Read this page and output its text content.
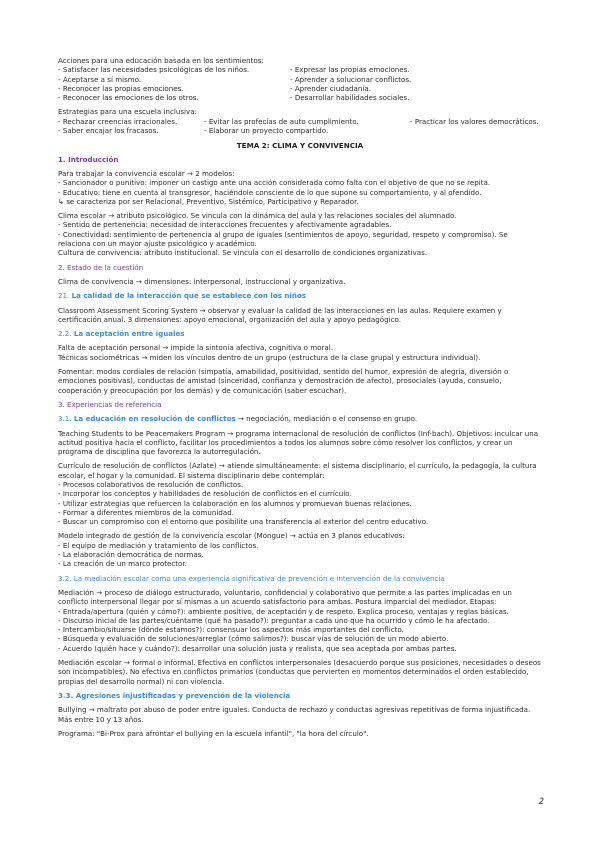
Acciones para una educación basada en los sentimientos:

- Satisfacer las necesidades psicológicas de los niños.

- Aceptarse a sí mismo.

- Reconocer las propias emociones.

- Reconocer las emociones de los otros.

- Expresar las propias emociones.

- Aprender a solucionar conflictos.

- Aprender ciudadanía.

- Desarrollar habilidades sociales.

Estrategias para una escuela inclusiva:

- Rechazar creencias irracionales.

- Saber encajar los fracasos.

- Evitar las profecías de auto cumplimiento.

- Elaborar un proyecto compartido.

- Practicar los valores democráticos.

TEMA 2: CLIMA Y CONVIVENCIA

1. Introducción

Para trabajar la convivencia escolar → 2 modelos:

- Sancionador o punitivo: imponer un castigo ante una acción considerada como falta con el objetivo de que no se repita.

- Educativo: tiene en cuenta al transgresor, haciéndole consciente de lo que supone su comportamiento, y al ofendido.

↳ se caracteriza por ser Relacional, Preventivo, Sistémico, Participativo y Reparador.

Clima escolar → atributo psicológico. Se vincula con la dinámica del aula y las relaciones sociales del alumnado.

- Sentido de pertenencia: necesidad de interacciones frecuentes y afectivamente agradables.

- Conectividad: sentimiento de pertenencia al grupo de iguales (sentimientos de apoyo, seguridad, respeto y compromiso). Se relaciona con un mayor ajuste psicológico y académico.

Cultura de convivencia: atributo institucional. Se vincula con el desarrollo de condiciones organizativas.

2. Estado de la cuestión

Clima de convivencia → dimensiones: interpersonal, instruccional y organizativa.

21. La calidad de la interacción que se establece con los niños

Classroom Assessment Scoring System → observar y evaluar la calidad de las interacciones en las aulas. Requiere examen y certificación anual. 3 dimensiones: apoyo emocional, organización del aula y apoyo pedagógico.

2.2. La aceptación entre iguales

Falta de aceptación personal → impide la sintonía afectiva, cognitiva o moral.

Técnicas sociométricas → miden los vínculos dentro de un grupo (estructura de la clase grupal y estructura individual).

Fomentar: modos cordiales de relación (simpatía, amabilidad, positividad, sentido del humor, expresión de alegría, diversión o emociones positivas), conductas de amistad (sinceridad, confianza y demostración de afecto), prosociales (ayuda, consuelo, cooperación y preocupación por los demás) y de comunicación (saber escuchar).

3. Experiencias de referencia

3.1. La educación en resolución de conflictos → negociación, mediación o el consenso en grupo.

Teaching Students to be Peacemakers Program → programa internacional de resolución de conflictos (Inf-bach). Objetivos: inculcar una actitud positiva hacia el conflicto, facilitar los procedimientos a todos los alumnos sobre cómo resolver los conflictos, y crear un programa de disciplina que favorezca la autorregulación.

Currículo de resolución de conflictos (Azlate) → atiende simultáneamente: el sistema disciplinario, el currículo, la pedagogía, la cultura escolar, el hogar y la comunidad. El sistema disciplinario debe contemplar:

- Procesos colaborativos de resolución de conflictos.

- Incorporar los conceptos y habilidades de resolución de conflictos en el currículo.

- Utilizar estrategias que refuercen la colaboración en los alumnos y promuevan buenas relaciones.

- Formar a diferentes miembros de la comunidad.

- Buscar un compromiso con el entorno que posibilite una transferencia al exterior del centro educativo.

Modelo integrado de gestión de la convivencia escolar (Mongue) → actúa en 3 planos educativos:

- El equipo de mediación y tratamiento de los conflictos.

- La elaboración democrática de normas.

- La creación de un marco protector.

3.2. La mediación escolar como una experiencia significativa de prevención e intervención de la convivencia

Mediación → proceso de diálogo estructurado, voluntario, confidencial y colaborativo que permite a las partes implicadas en un conflicto interpersonal llegar por sí mismas a un acuerdo satisfactorio para ambas. Postura imparcial del mediador. Etapas:

- Entrada/apertura (quién y cómo?): ambiente positivo, de aceptación y de respeto. Explica proceso, ventajas y reglas básicas.

- Discurso inicial de las partes/cuéntame (qué ha pasado?): preguntar a cada uno que ha ocurrido y cómo le ha afectado.

- Intercambio/situarse (dónde estamos?): consensuar los aspectos más importantes del conflicto.

- Búsqueda y evaluación de soluciones/arreglar (cómo salimos?): buscar vías de solución de un modo abierto.

- Acuerdo (quién hace y cuándo?): desarrollar una solución justa y realista, que sea aceptada por ambas partes.

Mediación escolar → formal o informal. Efectiva en conflictos interpersonales (desacuerdo porque sus posiciones, necesidades o deseos son incompatibles). No efectiva en conflictos primarios (conductas que pervierten en momentos determinados el orden establecido, propias del desarrollo normal) ni con violencia.

3.3. Agresiones injustificadas y prevención de la violencia

Bullying → maltrato por abuso de poder entre iguales. Conducta de rechazo y conductas agresivas repetitivas de forma injustificada. Más entre 10 y 13 años.

Programa: "Bi-Prox para afrontar el bullying en la escuela infantil", "la hora del círculo".

2
